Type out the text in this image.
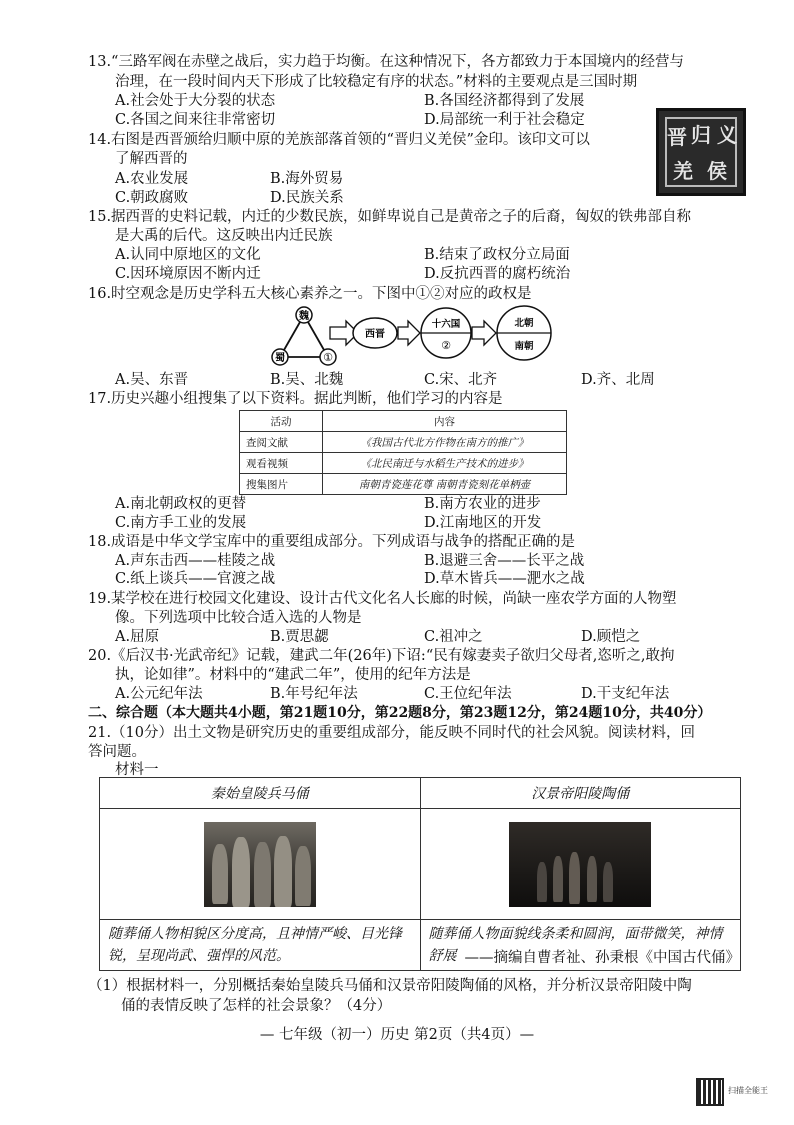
13.“三路军阀在赤壁之战后，实力趋于均衡。在这种情况下，各方都致力于本国境内的经营与
治理，在一段时间内天下形成了比较稳定有序的状态。”材料的主要观点是三国时期
A.社会处于大分裂的状态	B.各国经济都得到了发展
C.各国之间来往非常密切	D.局部统一利于社会稳定
14.右图是西晋颁给归顺中原的羌族部落首领的“晋归义羌侯”金印。该印文可以
了解西晋的
A.农业发展	B.海外贸易
C.朝政腐败	D.民族关系
晋 归 义
羌 侯
15.据西晋的史料记载，内迁的少数民族，如鲜卑说自己是黄帝之子的后裔，匈奴的铁弗部自称
是大禹的后代。这反映出内迁民族
A.认同中原地区的文化	B.结束了政权分立局面
C.因环境原因不断内迁	D.反抗西晋的腐朽统治
16.时空观念是历史学科五大核心素养之一。下图中①②对应的政权是
魏
蜀	①
西晋
十六国
②
北朝
南朝
A.吴、东晋	B.吴、北魏	C.宋、北齐	D.齐、北周
17.历史兴趣小组搜集了以下资料。据此判断，他们学习的内容是
活动	内容
查阅文献	《我国古代北方作物在南方的推广》
观看视频	《北民南迁与水稻生产技术的进步》
搜集图片	南朝青瓷莲花尊 南朝青瓷刻花单柄壶
A.南北朝政权的更替	B.南方农业的进步
C.南方手工业的发展	D.江南地区的开发
18.成语是中华文学宝库中的重要组成部分。下列成语与战争的搭配正确的是
A.声东击西——桂陵之战	B.退避三舍——长平之战
C.纸上谈兵——官渡之战	D.草木皆兵——淝水之战
19.某学校在进行校园文化建设、设计古代文化名人长廊的时候，尚缺一座农学方面的人物塑
像。下列选项中比较合适入选的人物是
A.屈原	B.贾思勰	C.祖冲之	D.顾恺之
20.《后汉书·光武帝纪》记载，建武二年(26年)下诏:“民有嫁妻卖子欲归父母者,恣听之,敢拘
执，论如律”。材料中的“建武二年”，使用的纪年方法是
A.公元纪年法	B.年号纪年法	C.王位纪年法	D.干支纪年法
二、综合题（本大题共4小题，第21题10分，第22题8分，第23题12分，第24题10分，共40分）
21.（10分）出土文物是研究历史的重要组成部分，能反映不同时代的社会风貌。阅读材料，回
答问题。
材料一
秦始皇陵兵马俑	汉景帝阳陵陶俑

随葬俑人物相貌区分度高，且神情严峻、目光锋锐，呈现尚武、强悍的风范。	随葬俑人物面貌线条柔和圆润，面带微笑，神情舒展 ——摘编自曹者祉、孙秉根《中国古代俑》
（1）根据材料一，分别概括秦始皇陵兵马俑和汉景帝阳陵陶俑的风格，并分析汉景帝阳陵中陶
俑的表情反映了怎样的社会景象？（4分）
— 七年级（初一）历史 第2页（共4页）—
扫描全能王
